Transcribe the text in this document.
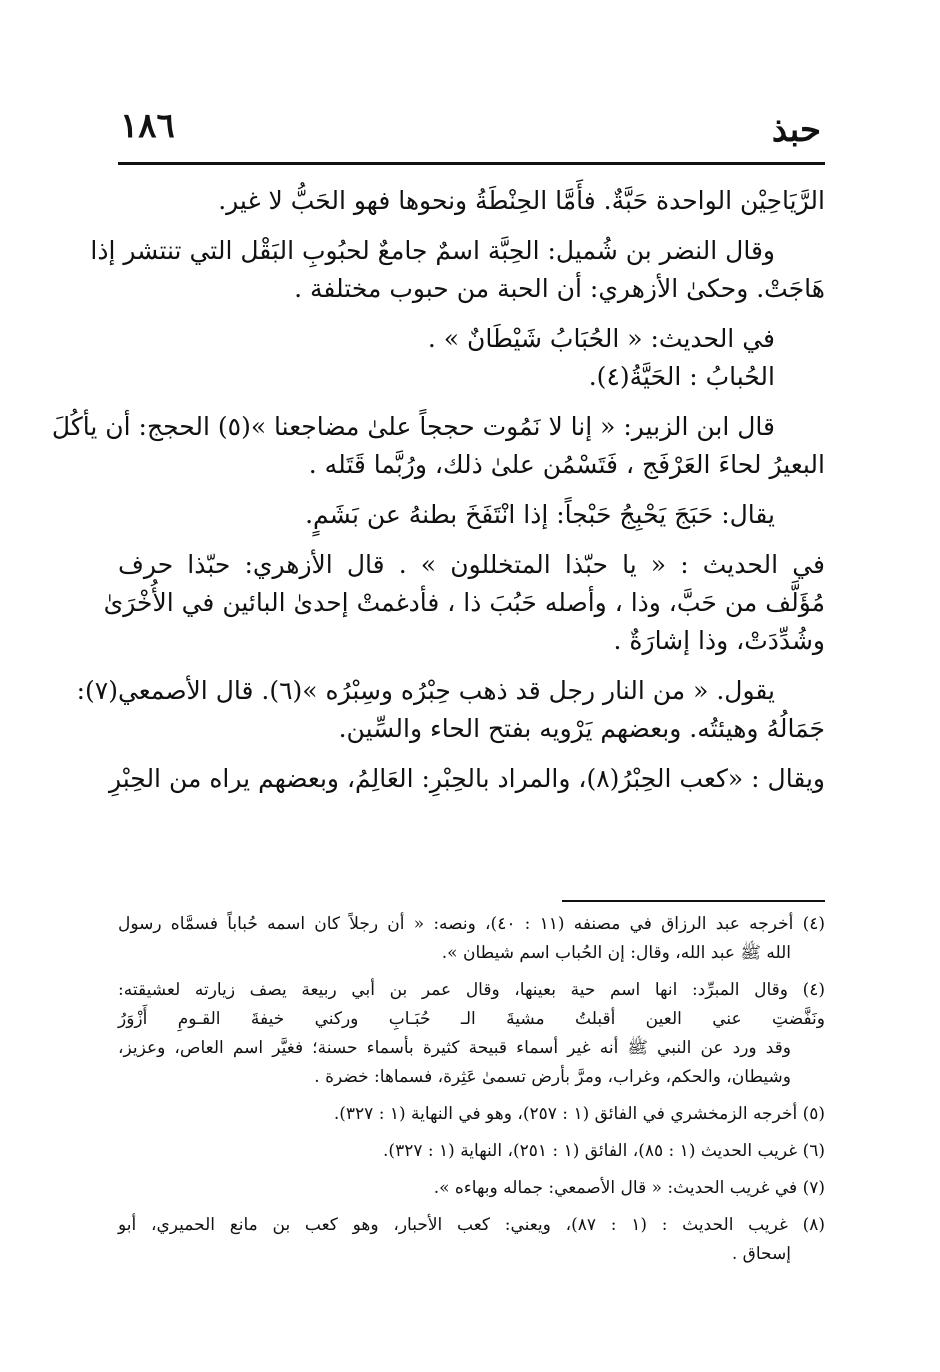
حبذ
١٨٦
الرَّيَاحِيْن الواحدة حَبَّةٌ. فأَمَّا الحِنْطَةُ ونحوها فهو الحَبُّ لا غير.
وقال النضر بن شُميل: الحِبَّة اسمٌ جامعٌ لحبُوبِ البَقْل التي تنتشر إذا
هَاجَتْ. وحكىٰ الأزهري: أن الحبة من حبوب مختلفة .
في الحديث: « الحُبَابُ شَيْطَانٌ » .
الحُبابُ : الحَيَّةُ(٤).
قال ابن الزبير: « إنا لا نَمُوت حججاً علىٰ مضاجعنا »(٥) الحجج: أن يأكُلَ
البعيرُ لحاءَ العَرْفَج ، فَتَسْمُن علىٰ ذلك، ورُبَّما قَتَله .
يقال: حَبَجَ يَحْبِجُ حَبْجاً: إذا انْتَفَخَ بطنهُ عن بَشَمٍ.
في الحديث : « يا حبّذا المتخللون » . قال الأزهري: حبّذا حرف
مُؤَلَّف من حَبَّ، وذا ، وأصله حَبُبَ ذا ، فأدغمتْ إحدىٰ البائين في الأُخْرَىٰ
وشُدِّدَتْ، وذا إشارَةٌ .
يقول. « من النار رجل قد ذهب حِبْرُه وسِبْرُه »(٦). قال الأصمعي(٧):
جَمَالُهُ وهيئتُه. وبعضهم يَرْويه بفتح الحاء والسِّين.
ويقال : «كعب الحِبْرُ(٨)، والمراد بالحِبْرِ: العَالِمُ، وبعضهم يراه من الحِبْرِ
(٤) أخرجه عبد الرزاق في مصنفه (١١ : ٤٠)، ونصه: « أن رجلاً كان اسمه حُباباً فسمَّاه رسول
الله ﷺ عبد الله، وقال: إن الحُباب اسم شيطان ».
(٤) وقال المبرِّد: انها اسم حية بعينها، وقال عمر بن أبي ربيعة يصف زيارته لعشيقته:
ونَفَّضتِ عني العين أقبلتُ مشيةَ الـ حُبَـابِ وركني خيفةَ القـومِ أَزْوَرُ
وقد ورد عن النبي ﷺ أنه غير أسماء قبيحة كثيرة بأسماء حسنة؛ فغيَّر اسم العاص، وعزيز،
وشيطان، والحكم، وغراب، ومرَّ بأرض تسمىٰ عَثِرة، فسماها: خضرة .
(٥) أخرجه الزمخشري في الفائق (١ : ٢٥٧)، وهو في النهاية (١ : ٣٢٧).
(٦) غريب الحديث (١ : ٨٥)، الفائق (١ : ٢٥١)، النهاية (١ : ٣٢٧).
(٧) في غريب الحديث: « قال الأصمعي: جماله وبهاءه ».
(٨) غريب الحديث : (١ : ٨٧)، ويعني: كعب الأحبار، وهو كعب بن مانع الحميري، أبو
إسحاق .
